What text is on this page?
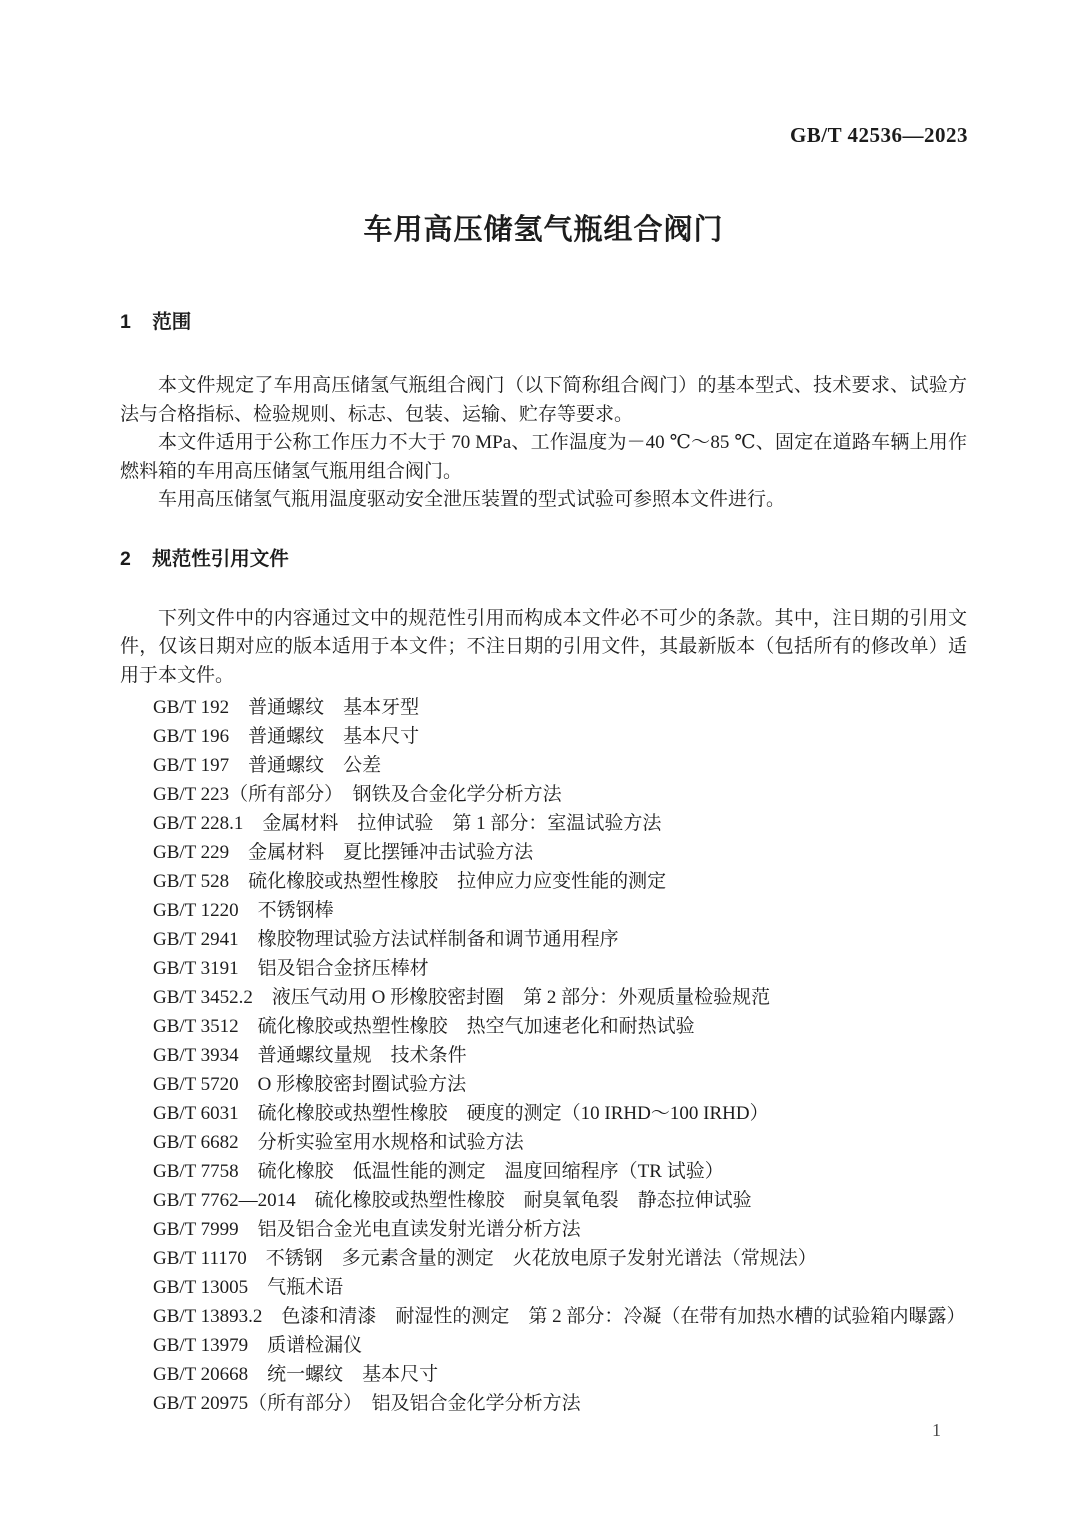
GB/T 42536—2023
车用高压储氢气瓶组合阀门
1 范围

本文件规定了车用高压储氢气瓶组合阀门（以下简称组合阀门）的基本型式、技术要求、试验方法与合格指标、检验规则、标志、包装、运输、贮存等要求。

本文件适用于公称工作压力不大于 70 MPa、工作温度为－40 ℃～85 ℃、固定在道路车辆上用作燃料箱的车用高压储氢气瓶用组合阀门。

车用高压储氢气瓶用温度驱动安全泄压装置的型式试验可参照本文件进行。

2 规范性引用文件

下列文件中的内容通过文中的规范性引用而构成本文件必不可少的条款。其中，注日期的引用文件，仅该日期对应的版本适用于本文件；不注日期的引用文件，其最新版本（包括所有的修改单）适用于本文件。

GB/T 192　普通螺纹　基本牙型
GB/T 196　普通螺纹　基本尺寸
GB/T 197　普通螺纹　公差
GB/T 223（所有部分）　钢铁及合金化学分析方法
GB/T 228.1　金属材料　拉伸试验　第 1 部分：室温试验方法
GB/T 229　金属材料　夏比摆锤冲击试验方法
GB/T 528　硫化橡胶或热塑性橡胶　拉伸应力应变性能的测定
GB/T 1220　不锈钢棒
GB/T 2941　橡胶物理试验方法试样制备和调节通用程序
GB/T 3191　铝及铝合金挤压棒材
GB/T 3452.2　液压气动用 O 形橡胶密封圈　第 2 部分：外观质量检验规范
GB/T 3512　硫化橡胶或热塑性橡胶　热空气加速老化和耐热试验
GB/T 3934　普通螺纹量规　技术条件
GB/T 5720　O 形橡胶密封圈试验方法
GB/T 6031　硫化橡胶或热塑性橡胶　硬度的测定（10 IRHD～100 IRHD）
GB/T 6682　分析实验室用水规格和试验方法
GB/T 7758　硫化橡胶　低温性能的测定　温度回缩程序（TR 试验）
GB/T 7762—2014　硫化橡胶或热塑性橡胶　耐臭氧龟裂　静态拉伸试验
GB/T 7999　铝及铝合金光电直读发射光谱分析方法
GB/T 11170　不锈钢　多元素含量的测定　火花放电原子发射光谱法（常规法）
GB/T 13005　气瓶术语
GB/T 13893.2　色漆和清漆　耐湿性的测定　第 2 部分：冷凝（在带有加热水槽的试验箱内曝露）
GB/T 13979　质谱检漏仪
GB/T 20668　统一螺纹　基本尺寸
GB/T 20975（所有部分）　铝及铝合金化学分析方法
1
